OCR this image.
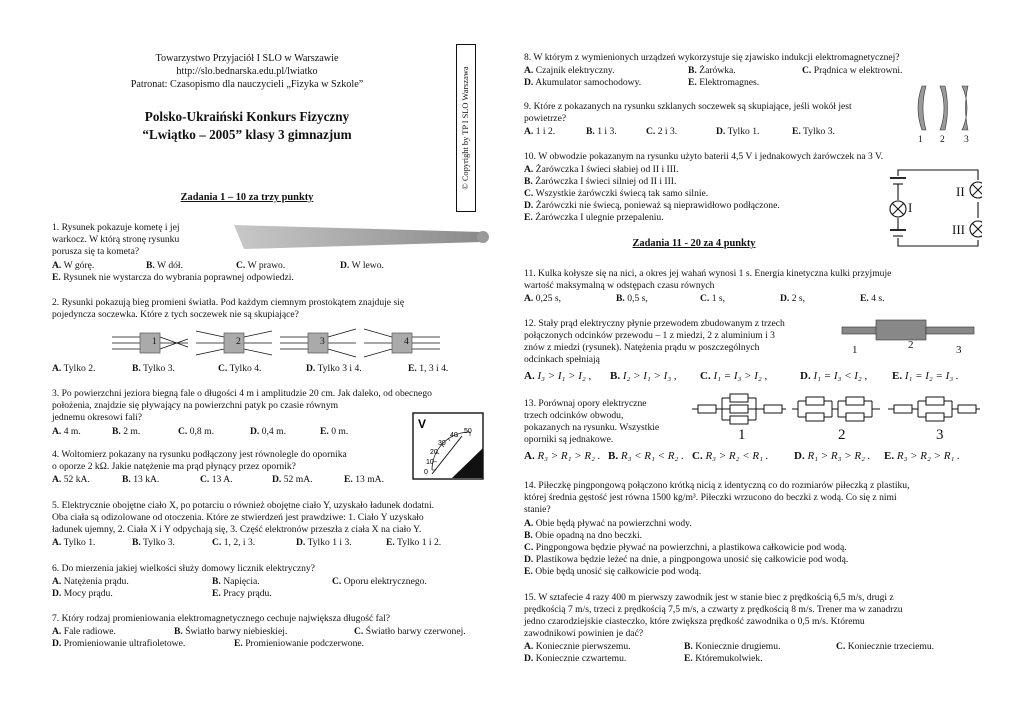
Towarzystwo Przyjaciół I SLO w Warszawie
http://slo.bednarska.edu.pl/lwiatko
Patronat: Czasopismo dla nauczycieli „Fizyka w Szkole”
Polsko-Ukraiński Konkurs Fizyczny
“Lwiątko – 2005” klasy 3 gimnazjum
Zadania 1 – 10 za trzy punkty
1. Rysunek pokazuje kometę i jej
warkocz. W którą stronę rysunku
porusza się ta kometa?
A. W górę.	B. W dół.	C. W prawo.	D. W lewo.
E. Rysunek nie wystarcza do wybrania poprawnej odpowiedzi.
2. Rysunki pokazują bieg promieni światła. Pod każdym ciemnym prostokątem znajduje się
pojedyncza soczewka. Które z tych soczewek nie są skupiające?
1	2	3	4
A. Tylko 2.	B. Tylko 3.	C. Tylko 4.	D. Tylko 3 i 4.	E. 1, 3 i 4.
3. Po powierzchni jeziora biegną fale o długości 4 m i amplitudzie 20 cm. Jak daleko, od obecnego
położenia, znajdzie się pływający na powierzchni patyk po czasie równym
jednemu okresowi fali?
A. 4 m.	B. 2 m.	C. 0,8 m.	D. 0,4 m.	E. 0 m.
V
0
10
20
30
40
50
4. Woltomierz pokazany na rysunku podłączony jest równolegle do opornika
o oporze 2 kΩ. Jakie natężenie ma prąd płynący przez opornik?
A. 52 kA.	B. 13 kA.	C. 13 A.	D. 52 mA.	E. 13 mA.
5. Elektrycznie obojętne ciało X, po potarciu o również obojętne ciało Y, uzyskało ładunek dodatni.
Oba ciała są odizolowane od otoczenia. Które ze stwierdzeń jest prawdziwe: 1. Ciało Y uzyskało
ładunek ujemny, 2. Ciała X i Y odpychają się, 3. Część elektronów przeszła z ciała X na ciało Y.
A. Tylko 1.	B. Tylko 3.	C. 1, 2, i 3.	D. Tylko 1 i 3.	E. Tylko 1 i 2.
6. Do mierzenia jakiej wielkości służy domowy licznik elektryczny?
A. Natężenia prądu.	B. Napięcia.	C. Oporu elektrycznego.
D. Mocy prądu.	E. Pracy prądu.
7. Który rodzaj promieniowania elektromagnetycznego cechuje największa długość fal?
A. Fale radiowe.	B. Światło barwy niebieskiej.	C. Światło barwy czerwonej.
D. Promieniowanie ultrafioletowe.	E. Promieniowanie podczerwone.
© Copyright by TP I SLO Warszawa
8. W którym z wymienionych urządzeń wykorzystuje się zjawisko indukcji elektromagnetycznej?
A. Czajnik elektryczny.	B. Żarówka.	C. Prądnica w elektrowni.
D. Akumulator samochodowy.	E. Elektromagnes.
9. Które z pokazanych na rysunku szklanych soczewek są skupiające, jeśli wokół jest
powietrze?
A. 1 i 2.	B. 1 i 3.	C. 2 i 3.	D. Tylko 1.	E. Tylko 3.
1 2 3
10. W obwodzie pokazanym na rysunku użyto baterii 4,5 V i jednakowych żarówczek na 3 V.
A. Żarówczka I świeci słabiej od II i III.
B. Żarówczka I świeci silniej od II i III.
C. Wszystkie żarówczki świecą tak samo silnie.
D. Żarówczki nie świecą, ponieważ są nieprawidłowo podłączone.
E. Żarówczka I ulegnie przepaleniu.
I
II
III
Zadania 11 - 20 za 4 punkty
11. Kulka kołysze się na nici, a okres jej wahań wynosi 1 s. Energia kinetyczna kulki przyjmuje
wartość maksymalną w odstępach czasu równych
A. 0,25 s,	B. 0,5 s,	C. 1 s,	D. 2 s,	E. 4 s.
12. Stały prąd elektryczny płynie przewodem zbudowanym z trzech
połączonych odcinków przewodu – 1 z miedzi, 2 z aluminium i 3
znów z miedzi (rysunek). Natężenia prądu w poszczególnych
odcinkach spełniają
1	2	3
A. I₃ > I₁ > I₂ , B. I₂ > I₁ > I₃ , C. I₁ = I₃ > I₂ ,	D. I₁ = I₃ < I₂ , E. I₁ = I₂ = I₃ .
13. Porównaj opory elektryczne
trzech odcinków obwodu,
pokazanych na rysunku. Wszystkie
oporniki są jednakowe.	1	2	3
A. R₃ > R₁ > R₂ . B. R₃ < R₁ < R₂ . C. R₃ > R₂ < R₁ . D. R₁ > R₃ > R₂ . E. R₃ > R₂ > R₁ .
14. Piłeczkę pingpongową połączono krótką nicią z identyczną co do rozmiarów piłeczką z plastiku,
której średnia gęstość jest równa 1500 kg/m³. Piłeczki wrzucono do beczki z wodą. Co się z nimi
stanie?
A. Obie będą pływać na powierzchni wody.
B. Obie opadną na dno beczki.
C. Pingpongowa będzie pływać na powierzchni, a plastikowa całkowicie pod wodą.
D. Plastikowa będzie leżeć na dnie, a pingpongowa unosić się całkowicie pod wodą.
E. Obie będą unosić się całkowicie pod wodą.
15. W sztafecie 4 razy 400 m pierwszy zawodnik jest w stanie biec z prędkością 6,5 m/s, drugi z
prędkością 7 m/s, trzeci z prędkością 7,5 m/s, a czwarty z prędkością 8 m/s. Trener ma w zanadrzu
jedno czarodziejskie ciasteczko, które zwiększa prędkość zawodnika o 0,5 m/s. Któremu
zawodnikowi powinien je dać?
A. Koniecznie pierwszemu.	B. Koniecznie drugiemu.	C. Koniecznie trzeciemu.
D. Koniecznie czwartemu.	E. Któremukolwiek.
